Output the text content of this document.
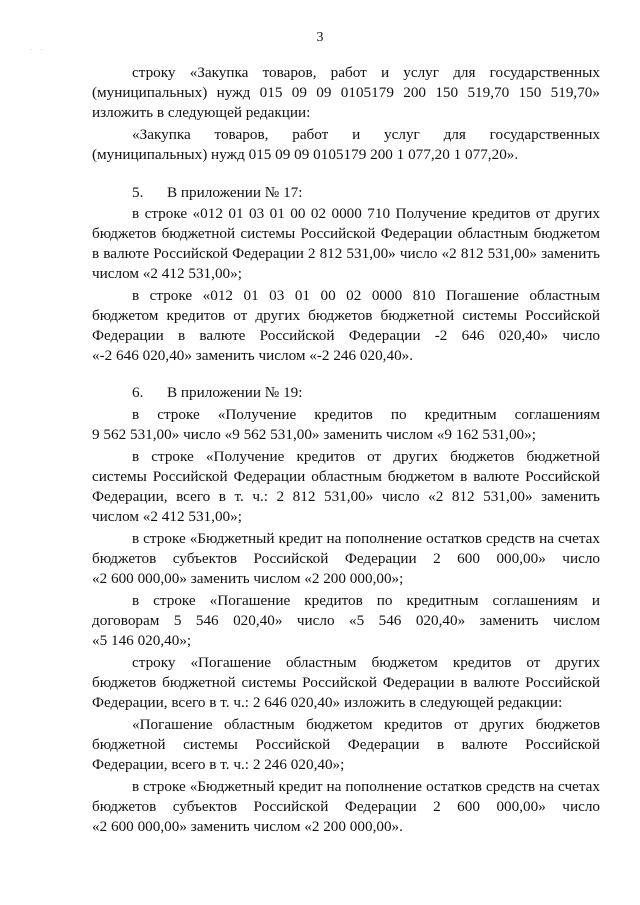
3
. .
строку «Закупка товаров, работ и услуг для государственных
(муниципальных) нужд 015 09 09 0105179 200 150 519,70 150 519,70»
изложить в следующей редакции:
«Закупка товаров, работ и услуг для государственных
(муниципальных) нужд 015 09 09 0105179 200 1 077,20 1 077,20».
5. В приложении № 17:
в строке «012 01 03 01 00 02 0000 710 Получение кредитов от других
бюджетов бюджетной системы Российской Федерации областным бюджетом
в валюте Российской Федерации 2 812 531,00» число «2 812 531,00» заменить
числом «2 412 531,00»;
в строке «012 01 03 01 00 02 0000 810 Погашение областным
бюджетом кредитов от других бюджетов бюджетной системы Российской
Федерации в валюте Российской Федерации -2 646 020,40» число
«-2 646 020,40» заменить числом «-2 246 020,40».
6. В приложении № 19:
в строке «Получение кредитов по кредитным соглашениям
9 562 531,00» число «9 562 531,00» заменить числом «9 162 531,00»;
в строке «Получение кредитов от других бюджетов бюджетной
системы Российской Федерации областным бюджетом в валюте Российской
Федерации, всего в т. ч.: 2 812 531,00» число «2 812 531,00» заменить
числом «2 412 531,00»;
в строке «Бюджетный кредит на пополнение остатков средств на счетах
бюджетов субъектов Российской Федерации 2 600 000,00» число
«2 600 000,00» заменить числом «2 200 000,00»;
в строке «Погашение кредитов по кредитным соглашениям и
договорам 5 546 020,40» число «5 546 020,40» заменить числом
«5 146 020,40»;
строку «Погашение областным бюджетом кредитов от других
бюджетов бюджетной системы Российской Федерации в валюте Российской
Федерации, всего в т. ч.: 2 646 020,40» изложить в следующей редакции:
«Погашение областным бюджетом кредитов от других бюджетов
бюджетной системы Российской Федерации в валюте Российской
Федерации, всего в т. ч.: 2 246 020,40»;
в строке «Бюджетный кредит на пополнение остатков средств на счетах
бюджетов субъектов Российской Федерации 2 600 000,00» число
«2 600 000,00» заменить числом «2 200 000,00».
